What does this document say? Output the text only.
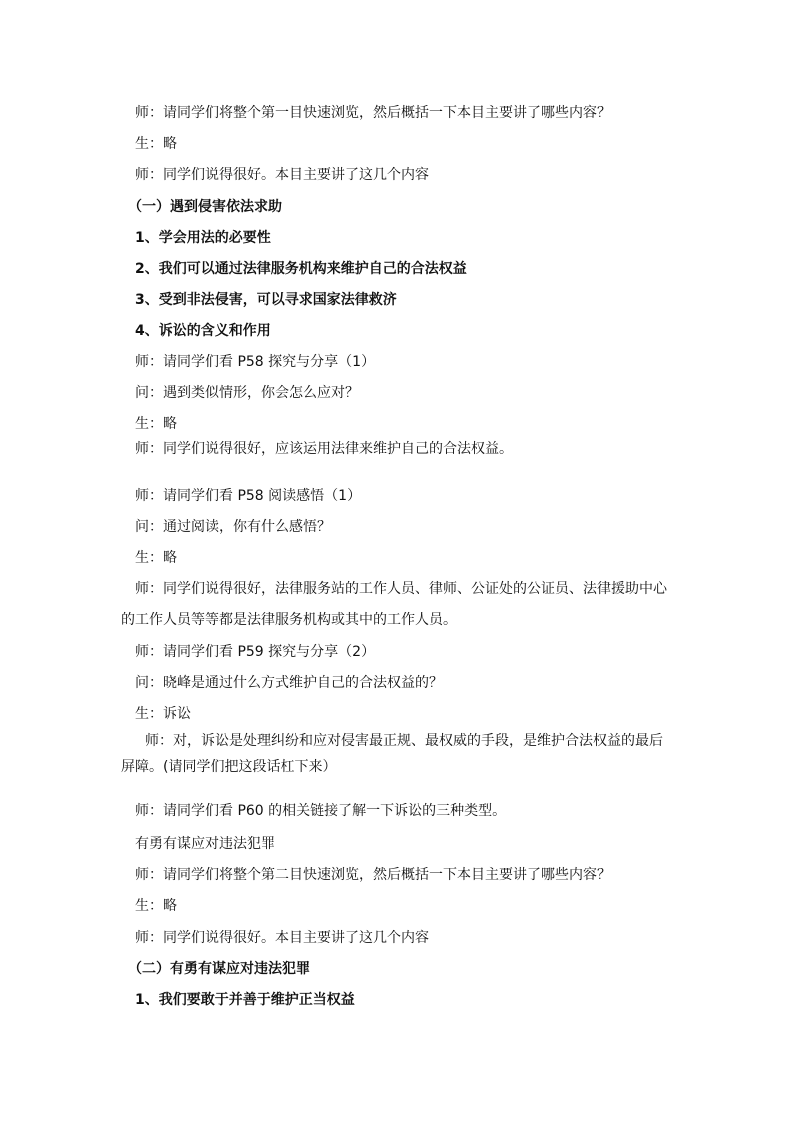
师：请同学们将整个第一目快速浏览，然后概括一下本目主要讲了哪些内容？
生：略
师：同学们说得很好。本目主要讲了这几个内容
（一）遇到侵害依法求助
1、学会用法的必要性
2、我们可以通过法律服务机构来维护自己的合法权益
3、受到非法侵害，可以寻求国家法律救济
4、诉讼的含义和作用
师：请同学们看 P58 探究与分享（1）
问：遇到类似情形，你会怎么应对？
生：略
师：同学们说得很好，应该运用法律来维护自己的合法权益。
师：请同学们看 P58 阅读感悟（1）
问：通过阅读，你有什么感悟？
生：略
师：同学们说得很好，法律服务站的工作人员、律师、公证处的公证员、法律援助中心
的工作人员等等都是法律服务机构或其中的工作人员。
师：请同学们看 P59 探究与分享（2）
问：晓峰是通过什么方式维护自己的合法权益的？
生：诉讼
师：对，诉讼是处理纠纷和应对侵害最正规、最权威的手段，是维护合法权益的最后
屏障。(请同学们把这段话杠下来）
师：请同学们看 P60 的相关链接了解一下诉讼的三种类型。
有勇有谋应对违法犯罪
师：请同学们将整个第二目快速浏览，然后概括一下本目主要讲了哪些内容？
生：略
师：同学们说得很好。本目主要讲了这几个内容
（二）有勇有谋应对违法犯罪
1、我们要敢于并善于维护正当权益
